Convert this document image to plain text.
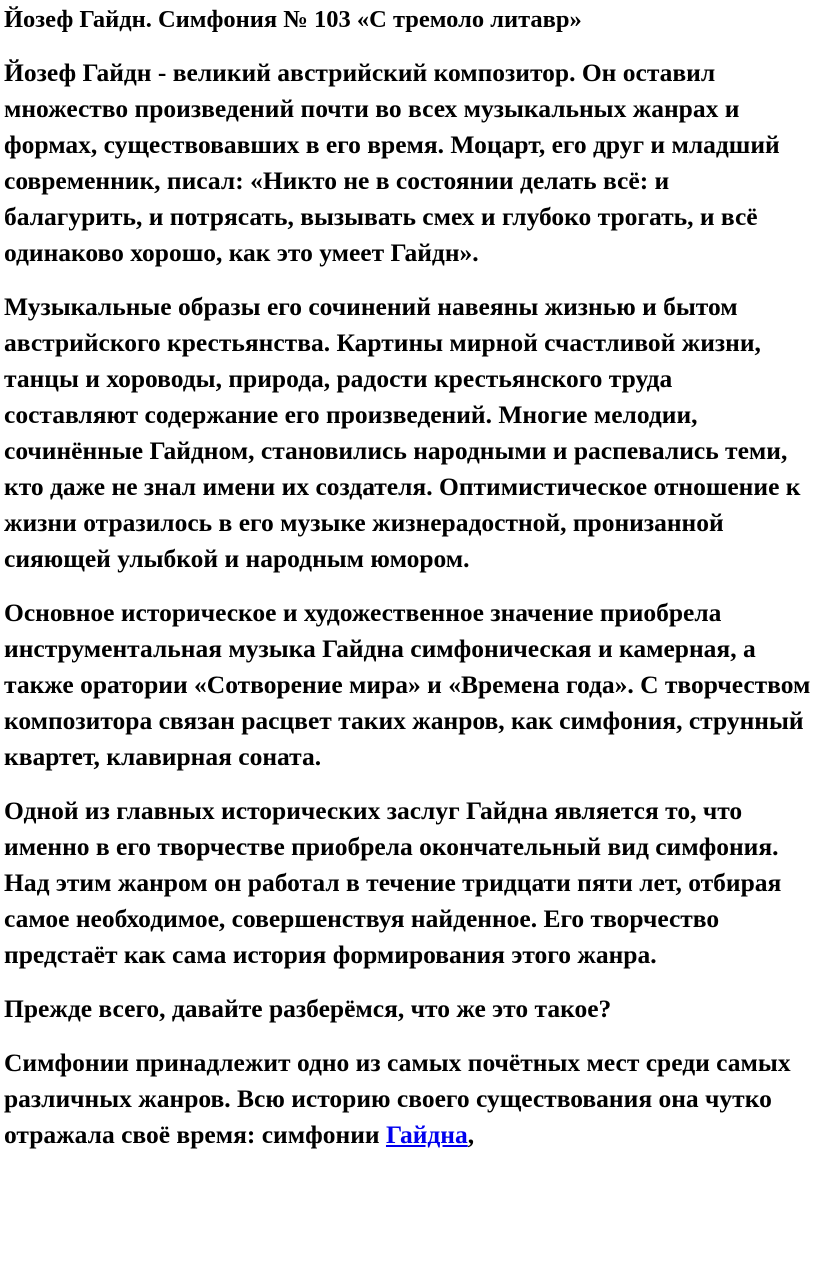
Йозеф Гайдн. Симфония № 103 «С тремоло литавр»

Йозеф Гайдн - великий австрийский композитор. Он оставил множество произведений почти во всех музыкальных жанрах и формах, существовавших в его время. Моцарт, его друг и младший современник, писал: «Никто не в состоянии делать всё: и балагурить, и потрясать, вызывать смех и глубоко трогать, и всё одинаково хорошо, как это умеет Гайдн».

Музыкальные образы его сочинений навеяны жизнью и бытом австрийского крестьянства. Картины мирной счастливой жизни, танцы и хороводы, природа, радости крестьянского труда составляют содержание его произведений. Многие мелодии, сочинённые Гайдном, становились народными и распевались теми, кто даже не знал имени их создателя. Оптимистическое отношение к жизни отразилось в его музыке жизнерадостной, пронизанной сияющей улыбкой и народным юмором.

Основное историческое и художественное значение приобрела инструментальная музыка Гайдна симфоническая и камерная, а также оратории «Сотворение мира» и «Времена года». С творчеством композитора связан расцвет таких жанров, как симфония, струнный квартет, клавирная соната.

Одной из главных исторических заслуг Гайдна является то, что именно в его творчестве приобрела окончательный вид симфония. Над этим жанром он работал в течение тридцати пяти лет, отбирая самое необходимое, совершенствуя найденное. Его творчество предстаёт как сама история формирования этого жанра.

Прежде всего, давайте разберёмся, что же это такое?

Симфонии принадлежит одно из самых почётных мест среди самых различных жанров. Всю историю своего существования она чутко отражала своё время: симфонии Гайдна,
